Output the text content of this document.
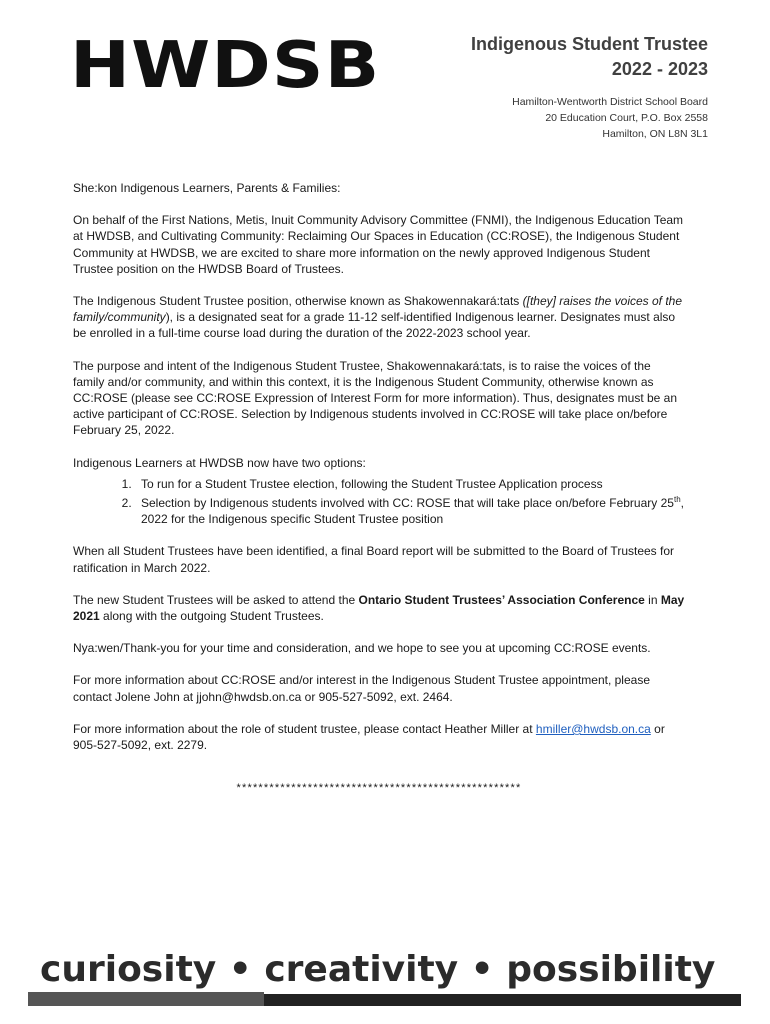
HWDSB	Indigenous Student Trustee
2022 - 2023
Hamilton-Wentworth District School Board
20 Education Court, P.O. Box 2558
Hamilton, ON L8N 3L1

She:kon Indigenous Learners, Parents & Families:

On behalf of the First Nations, Metis, Inuit Community Advisory Committee (FNMI), the Indigenous Education Team at HWDSB, and Cultivating Community: Reclaiming Our Spaces in Education (CC:ROSE), the Indigenous Student Community at HWDSB, we are excited to share more information on the newly approved Indigenous Student Trustee position on the HWDSB Board of Trustees.

The Indigenous Student Trustee position, otherwise known as Shakowennakará:tats ([they] raises the voices of the family/community), is a designated seat for a grade 11-12 self-identified Indigenous learner. Designates must also be enrolled in a full-time course load during the duration of the 2022-2023 school year.

The purpose and intent of the Indigenous Student Trustee, Shakowennakará:tats, is to raise the voices of the family and/or community, and within this context, it is the Indigenous Student Community, otherwise known as CC:ROSE (please see CC:ROSE Expression of Interest Form for more information). Thus, designates must be an active participant of CC:ROSE. Selection by Indigenous students involved in CC:ROSE will take place on/before February 25, 2022.

Indigenous Learners at HWDSB now have two options:

1. To run for a Student Trustee election, following the Student Trustee Application process
2. Selection by Indigenous students involved with CC: ROSE that will take place on/before February 25th, 2022 for the Indigenous specific Student Trustee position

When all Student Trustees have been identified, a final Board report will be submitted to the Board of Trustees for ratification in March 2022.

The new Student Trustees will be asked to attend the Ontario Student Trustees’ Association Conference in May 2021 along with the outgoing Student Trustees.

Nya:wen/Thank-you for your time and consideration, and we hope to see you at upcoming CC:ROSE events.

For more information about CC:ROSE and/or interest in the Indigenous Student Trustee appointment, please contact Jolene John at jjohn@hwdsb.on.ca or 905-527-5092, ext. 2464.

For more information about the role of student trustee, please contact Heather Miller at hmiller@hwdsb.on.ca or 905-527-5092, ext. 2279.

****************************************************
curiosity • creativity • possibility
